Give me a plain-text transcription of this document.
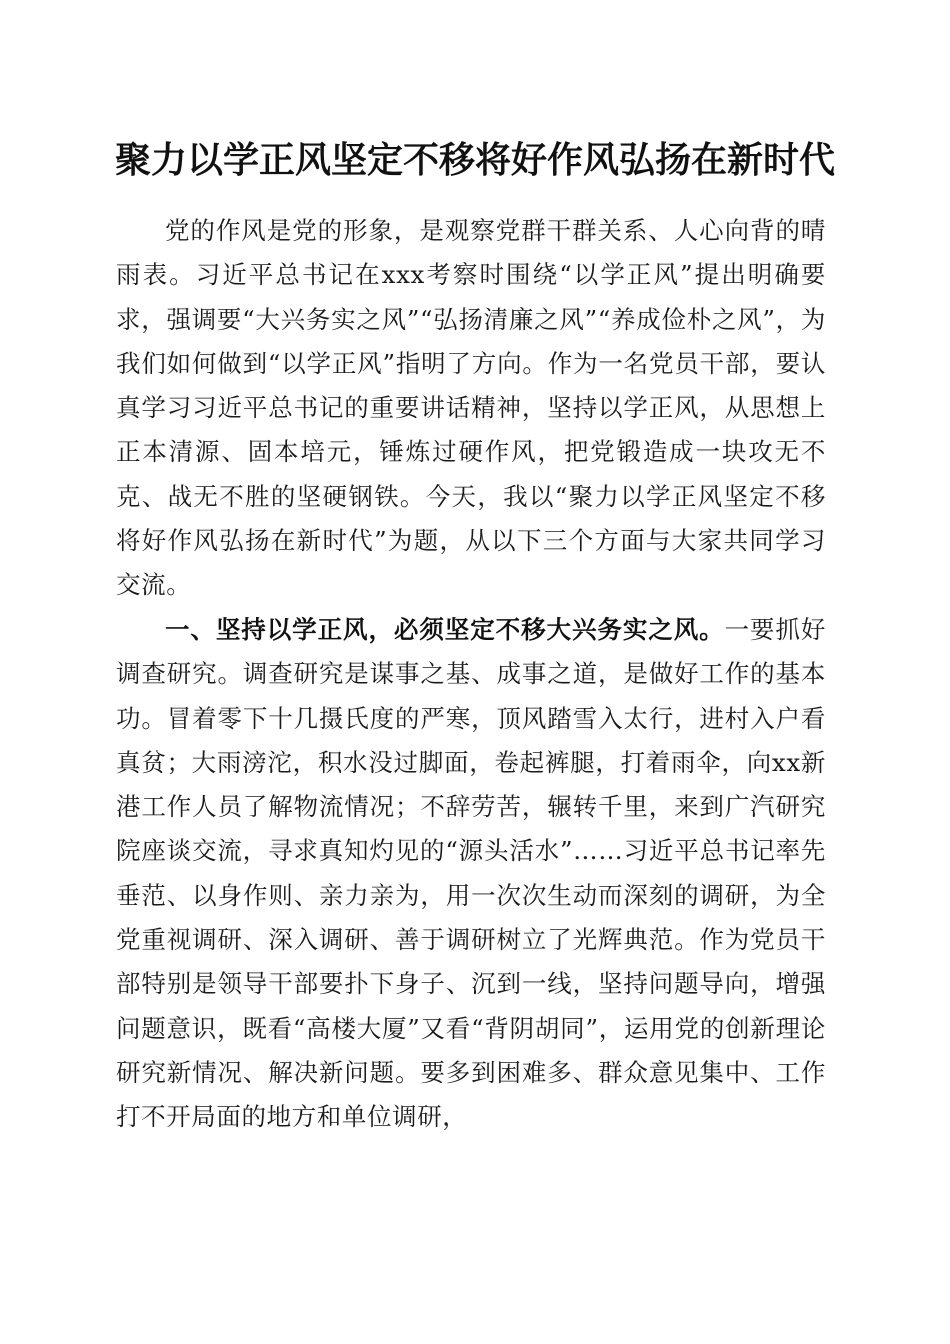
聚力以学正风坚定不移将好作风弘扬在新时代

党的作风是党的形象，是观察党群干群关系、人心向背的晴雨表。习近平总书记在xxx考察时围绕“以学正风”提出明确要求，强调要“大兴务实之风”“弘扬清廉之风”“养成俭朴之风”，为我们如何做到“以学正风”指明了方向。作为一名党员干部，要认真学习习近平总书记的重要讲话精神，坚持以学正风，从思想上正本清源、固本培元，锤炼过硬作风，把党锻造成一块攻无不克、战无不胜的坚硬钢铁。今天，我以“聚力以学正风坚定不移将好作风弘扬在新时代”为题，从以下三个方面与大家共同学习交流。

一、坚持以学正风，必须坚定不移大兴务实之风。一要抓好调查研究。调查研究是谋事之基、成事之道，是做好工作的基本功。冒着零下十几摄氏度的严寒，顶风踏雪入太行，进村入户看真贫；大雨滂沱，积水没过脚面，卷起裤腿，打着雨伞，向xx新港工作人员了解物流情况；不辞劳苦，辗转千里，来到广汽研究院座谈交流，寻求真知灼见的“源头活水”……习近平总书记率先垂范、以身作则、亲力亲为，用一次次生动而深刻的调研，为全党重视调研、深入调研、善于调研树立了光辉典范。作为党员干部特别是领导干部要扑下身子、沉到一线，坚持问题导向，增强问题意识，既看“高楼大厦”又看“背阴胡同”，运用党的创新理论研究新情况、解决新问题。要多到困难多、群众意见集中、工作打不开局面的地方和单位调研，
